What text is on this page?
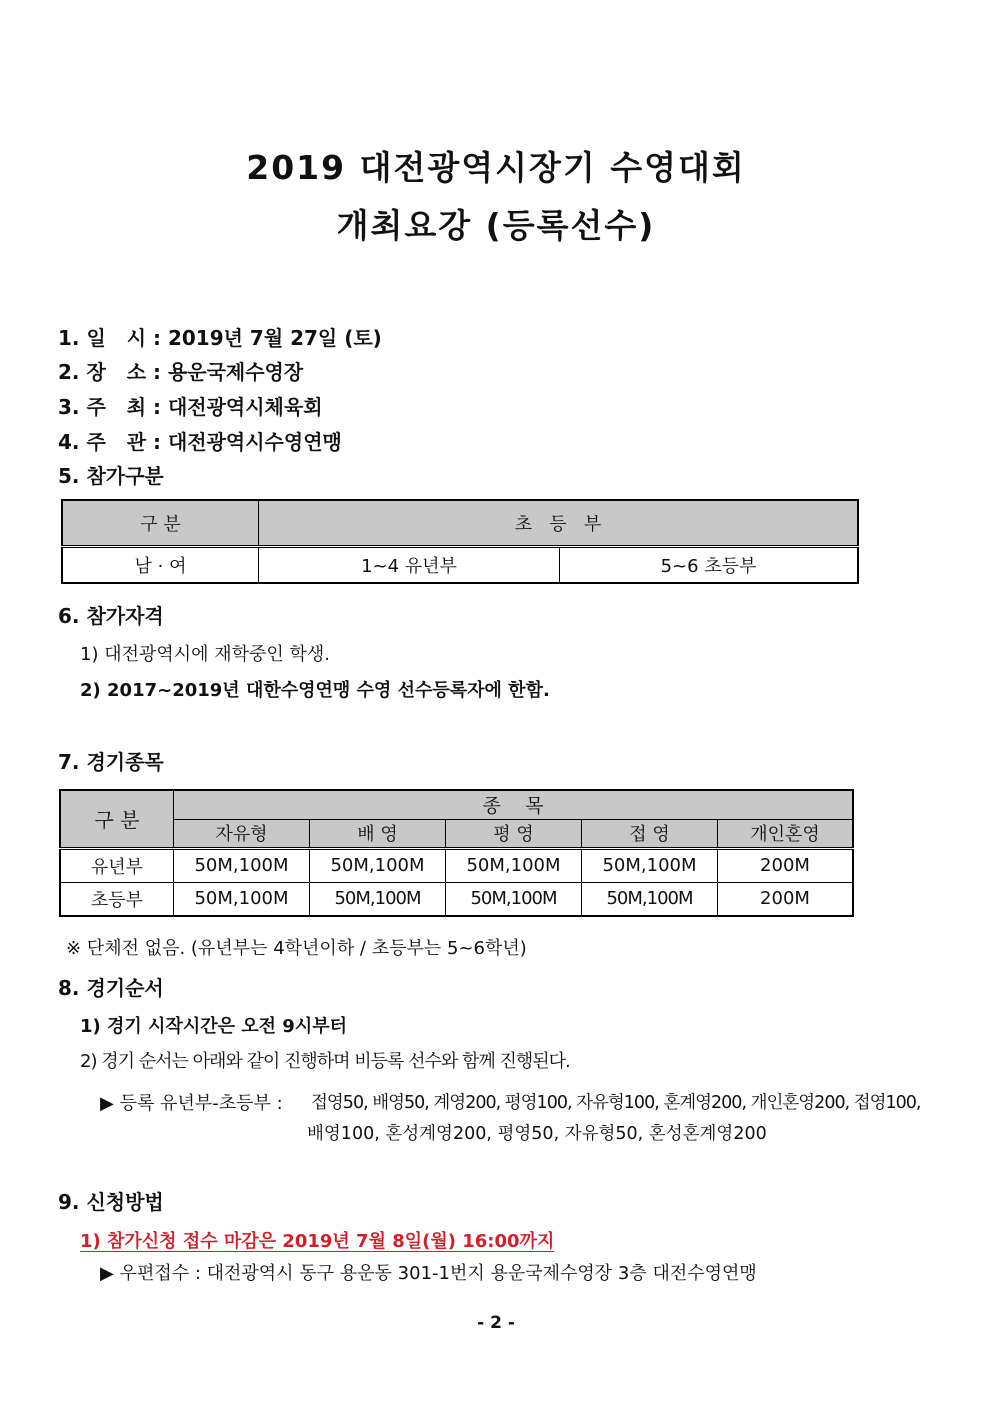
2019 대전광역시장기 수영대회
개최요강 (등록선수)
1. 일   시 : 2019년 7월 27일 (토)
2. 장   소 : 용운국제수영장
3. 주   최 : 대전광역시체육회
4. 주   관 : 대전광역시수영연맹
5. 참가구분
구 분	초   등   부	
남 · 여	1~4 유년부	5~6 초등부
6. 참가자격
1) 대전광역시에 재학중인 학생.
2) 2017~2019년 대한수영연맹 수영 선수등록자에 한함.
7. 경기종목
구 분	종    목				
	자유형	배 영	평 영	접 영	개인혼영
유년부	50M,100M	50M,100M	50M,100M	50M,100M	200M
초등부	50M,100M	50M,100M	50M,100M	50M,100M	200M
※ 단체전 없음. (유년부는 4학년이하 / 초등부는 5~6학년)
8. 경기순서
1) 경기 시작시간은 오전 9시부터
2) 경기 순서는 아래와 같이 진행하며 비등록 선수와 함께 진행된다.
▶ 등록 유년부-초등부 : 접영50, 배영50, 계영200, 평영100, 자유형100, 혼계영200, 개인혼영200, 접영100,
배영100, 혼성계영200, 평영50, 자유형50, 혼성혼계영200
9. 신청방법
1) 참가신청 접수 마감은 2019년 7월 8일(월) 16:00까지
▶ 우편접수 : 대전광역시 동구 용운동 301-1번지 용운국제수영장 3층 대전수영연맹
- 2 -
